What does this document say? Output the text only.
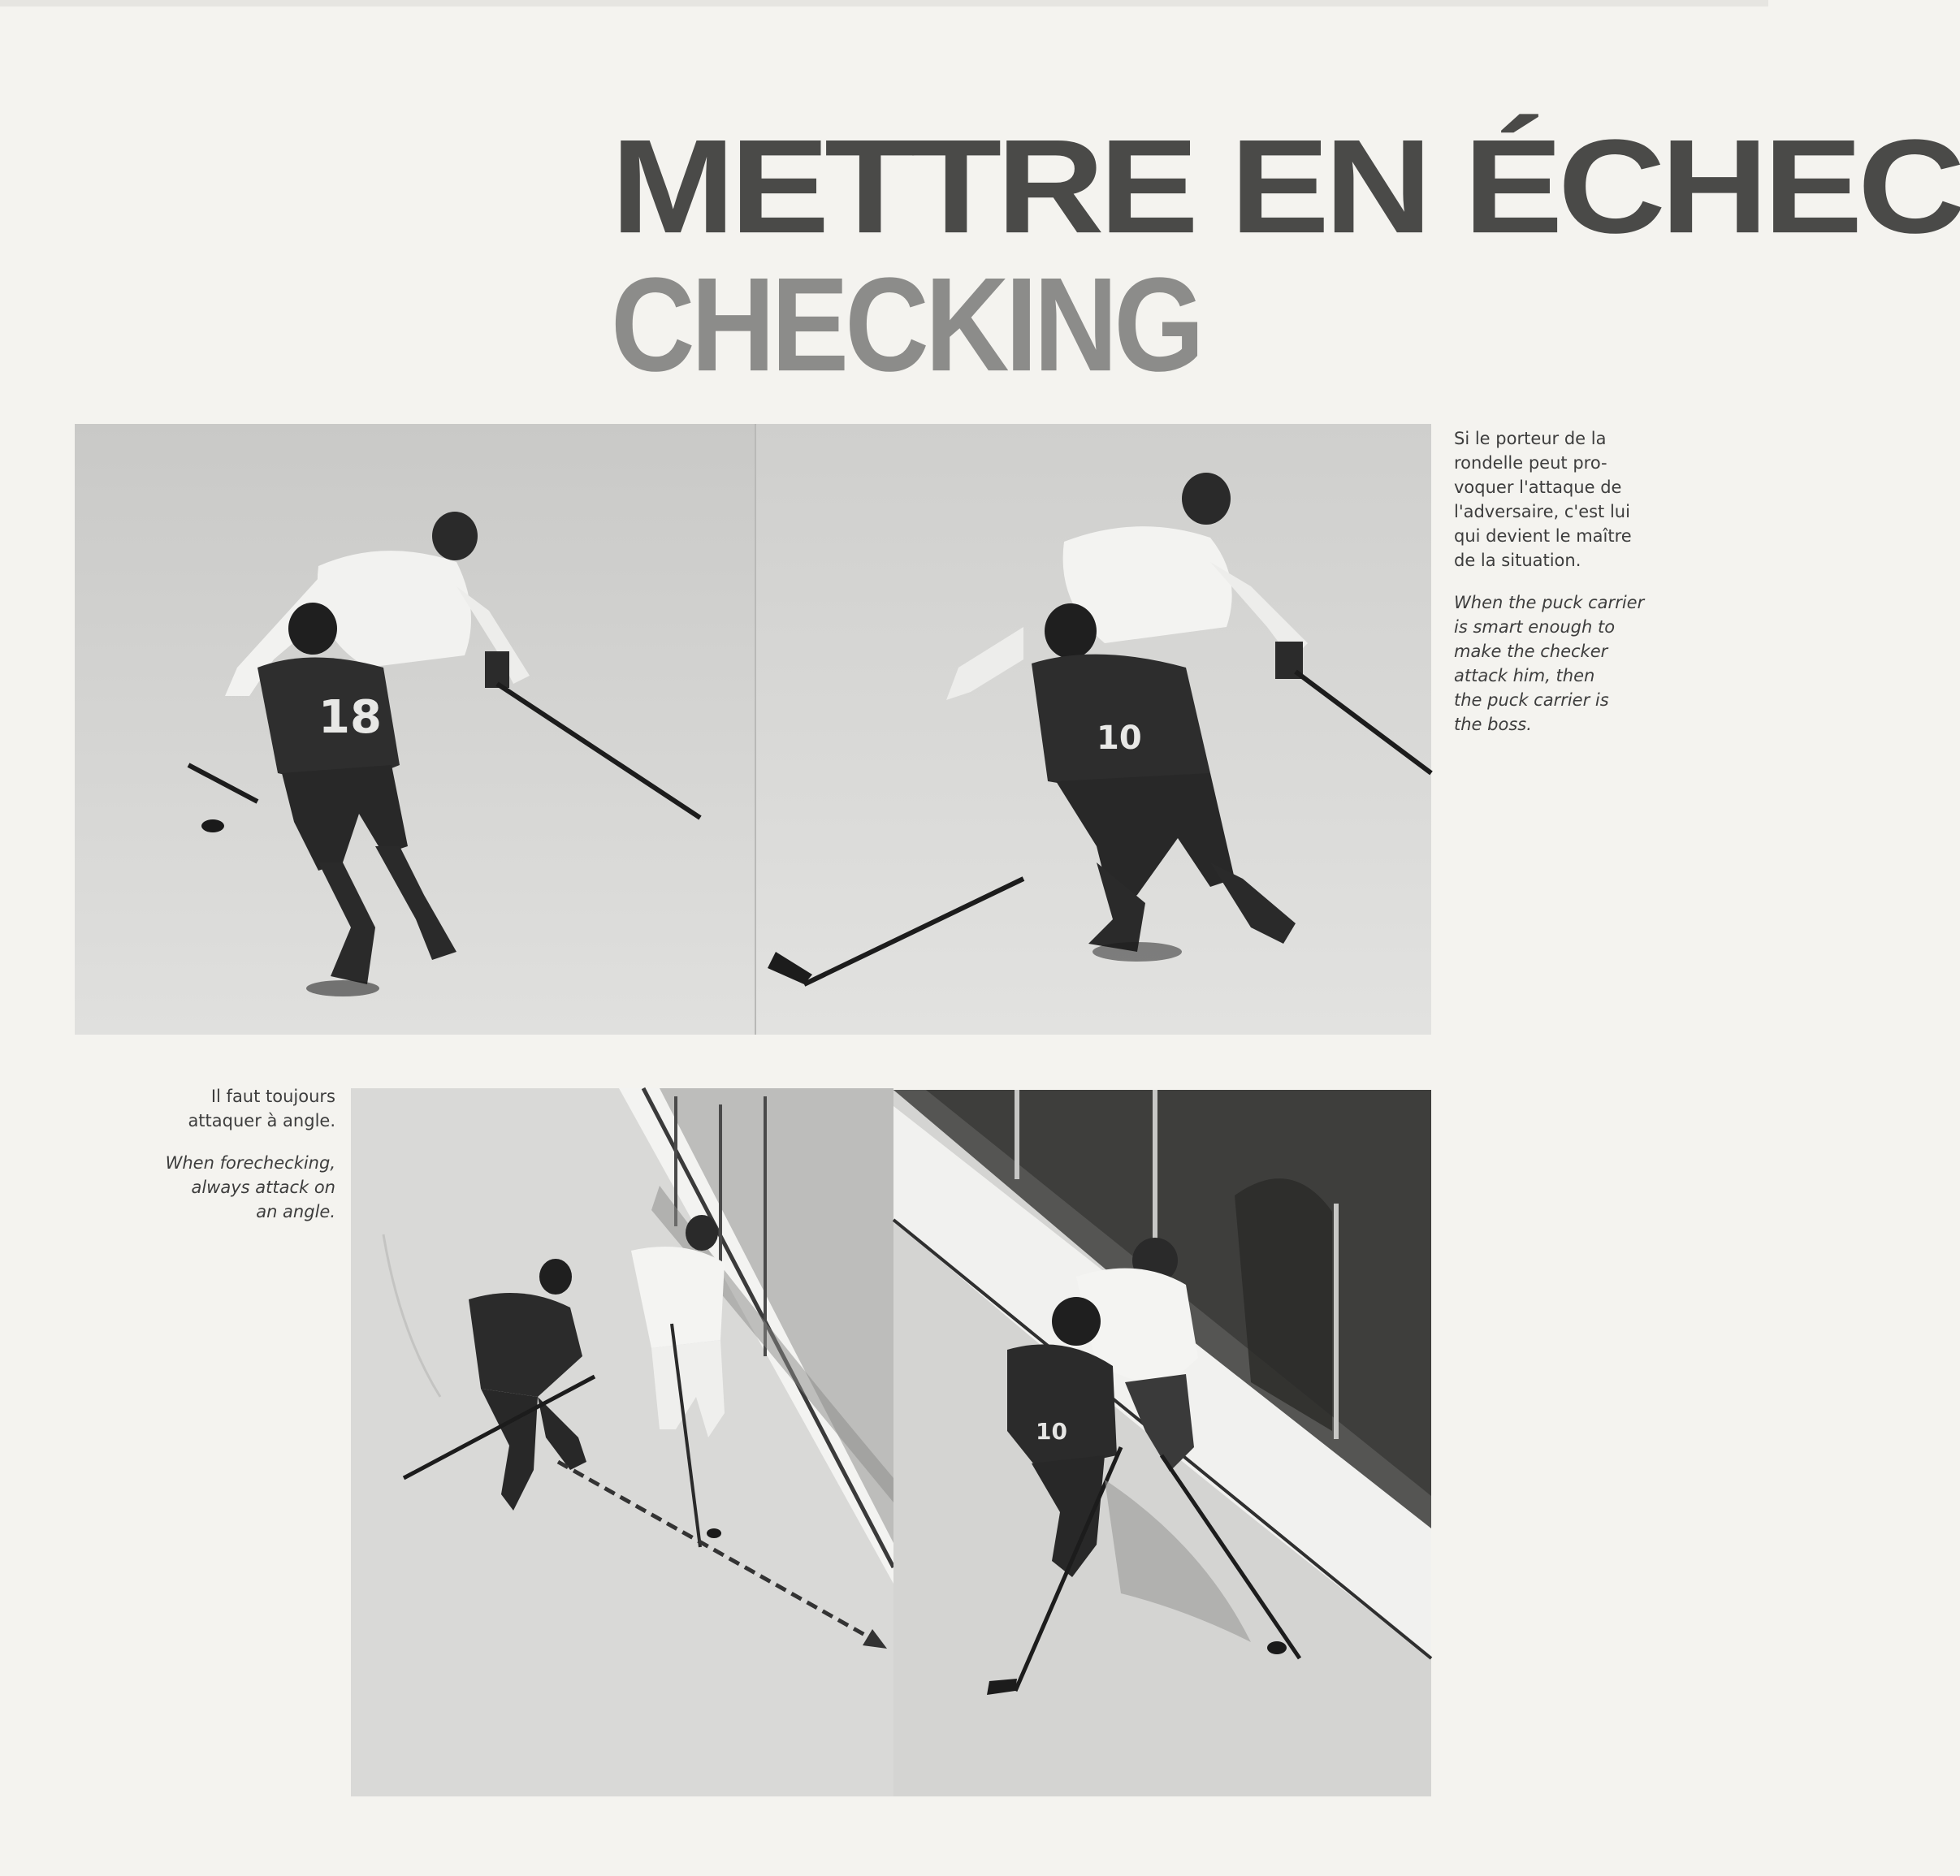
METTRE EN ÉCHEC
CHECKING
18	10

Si le porteur de la
rondelle peut pro-
voquer l'attaque de
l'adversaire, c'est lui
qui devient le maître
de la situation.

When the puck carrier
is smart enough to
make the checker
attack him, then
the puck carrier is
the boss.

Il faut toujours
attaquer à angle.

When forechecking,
always attack on
an angle.

10
